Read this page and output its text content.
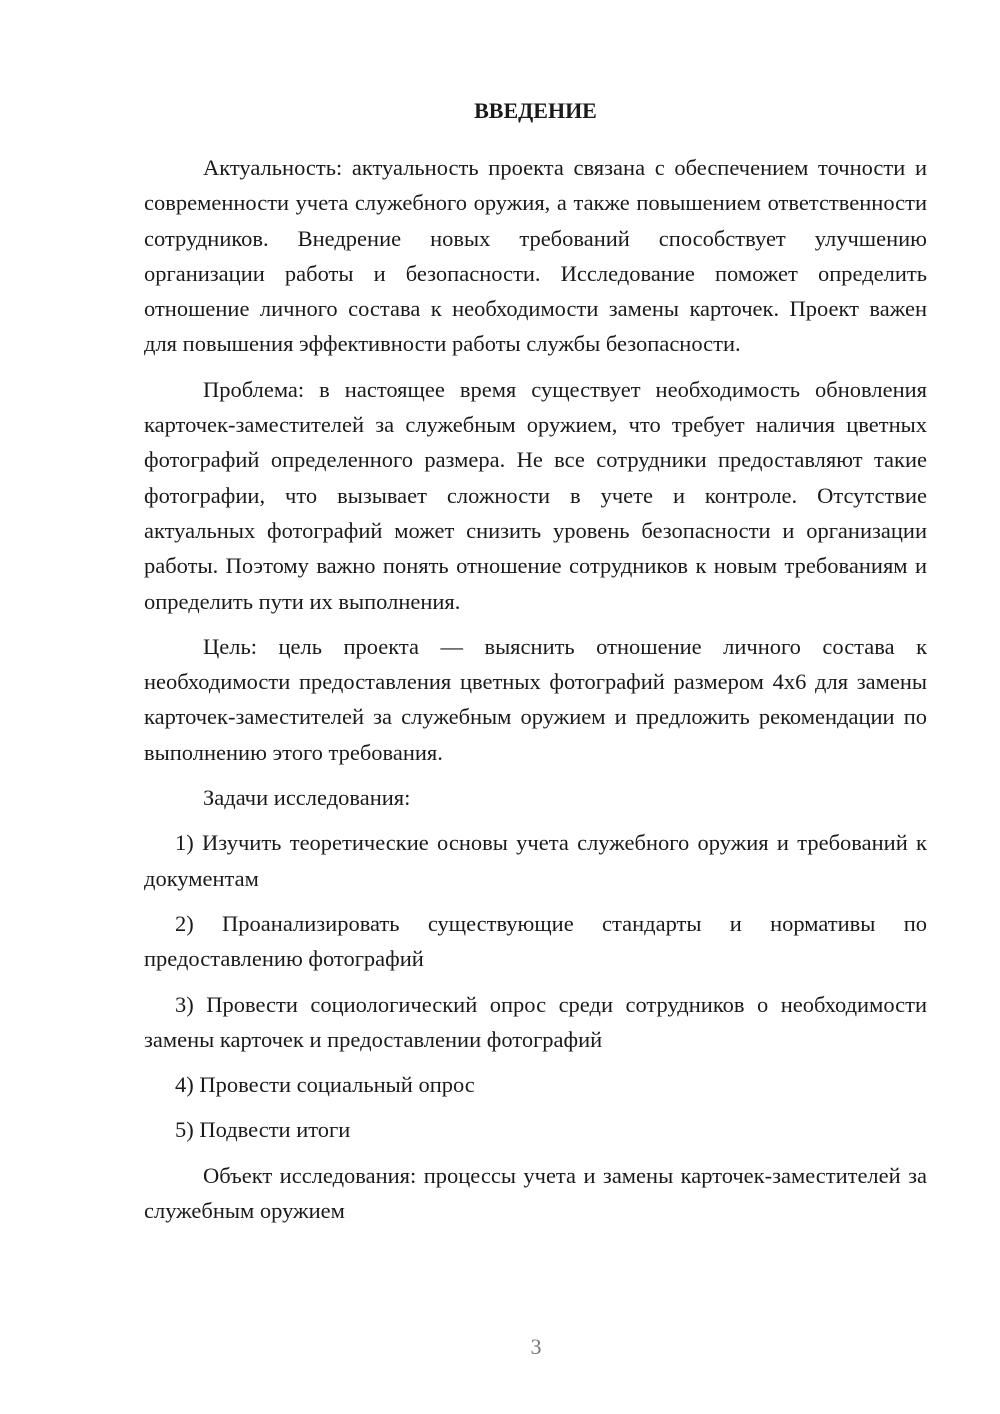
ВВЕДЕНИЕ

Актуальность: актуальность проекта связана с обеспечением точности и современности учета служебного оружия, а также повышением ответственности сотрудников. Внедрение новых требований способствует улучшению организации работы и безопасности. Исследование поможет определить отношение личного состава к необходимости замены карточек. Проект важен для повышения эффективности работы службы безопасности.

Проблема: в настоящее время существует необходимость обновления карточек-заместителей за служебным оружием, что требует наличия цветных фотографий определенного размера. Не все сотрудники предоставляют такие фотографии, что вызывает сложности в учете и контроле. Отсутствие актуальных фотографий может снизить уровень безопасности и организации работы. Поэтому важно понять отношение сотрудников к новым требованиям и определить пути их выполнения.

Цель: цель проекта — выяснить отношение личного состава к необходимости предоставления цветных фотографий размером 4х6 для замены карточек-заместителей за служебным оружием и предложить рекомендации по выполнению этого требования.

Задачи исследования:

1) Изучить теоретические основы учета служебного оружия и требований к документам

2) Проанализировать существующие стандарты и нормативы по предоставлению фотографий

3) Провести социологический опрос среди сотрудников о необходимости замены карточек и предоставлении фотографий

4) Провести социальный опрос

5) Подвести итоги

Объект исследования: процессы учета и замены карточек-заместителей за служебным оружием

3
